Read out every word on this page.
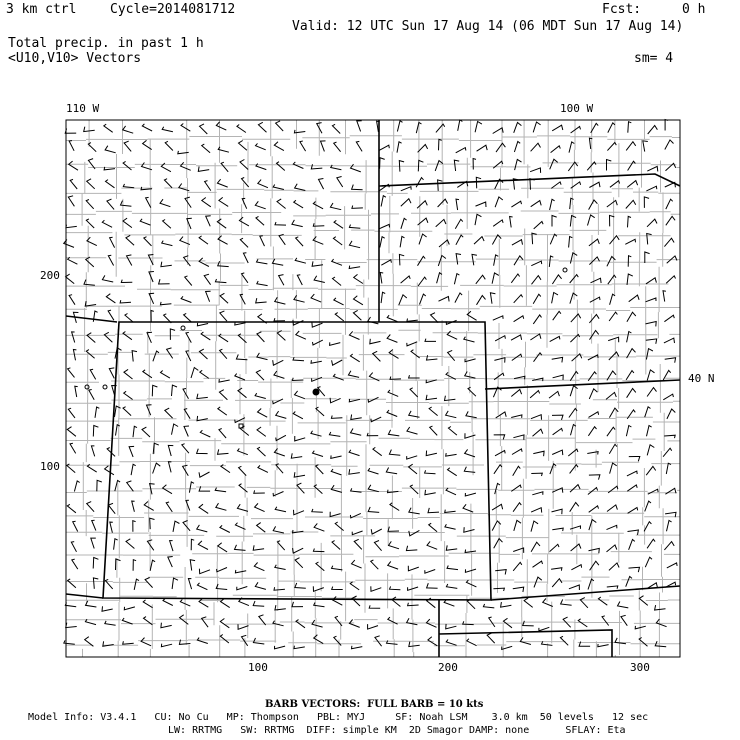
3 km ctrl	Cycle=2014081712	Fcst:	0 h
Valid: 12 UTC Sun 17 Aug 14 (06 MDT Sun 17 Aug 14)
Total precip. in past 1 h
<U10,V10> Vectors	sm= 4
110 W	100 W
200
100
40 N
100	200	300
BARB VECTORS:  FULL BARB = 10 kts
Model Info: V3.4.1   CU: No Cu   MP: Thompson   PBL: MYJ     SF: Noah LSM    3.0 km  50 levels   12 sec
LW: RRTMG   SW: RRTMG  DIFF: simple KM  2D Smagor DAMP: none      SFLAY: Eta
